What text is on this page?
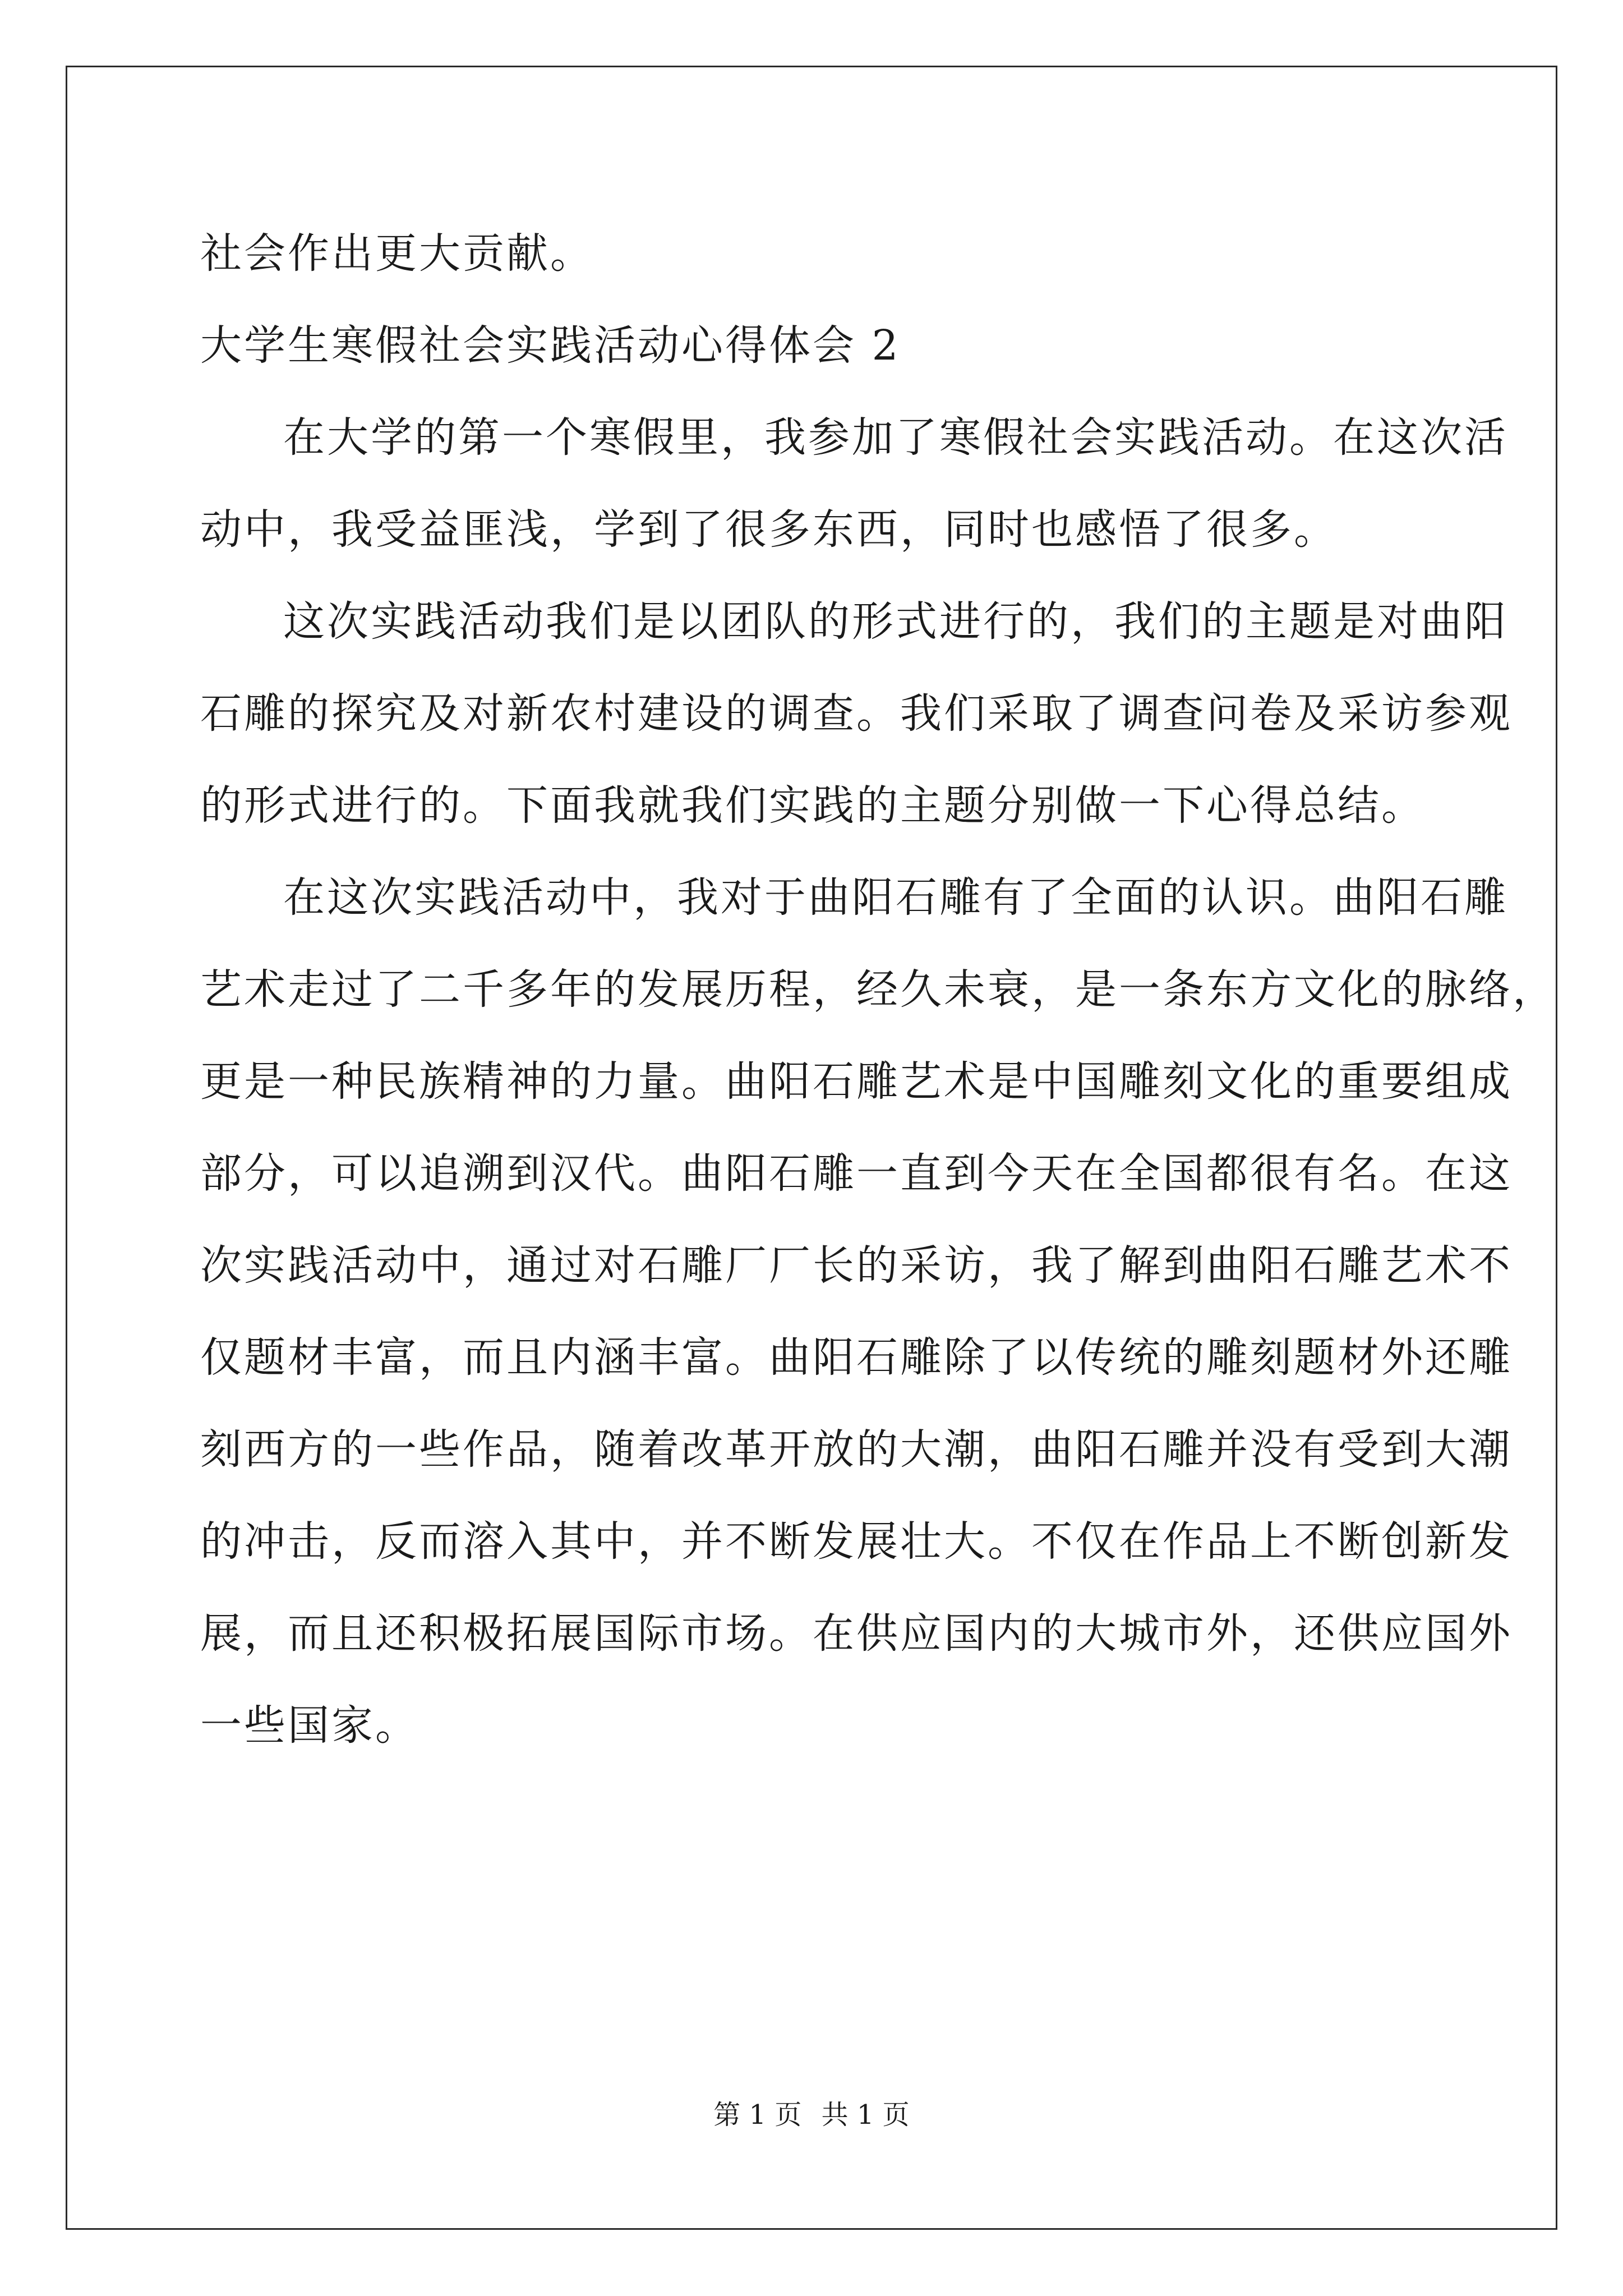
社会作出更大贡献。
大学生寒假社会实践活动心得体会 2
在大学的第一个寒假里，我参加了寒假社会实践活动。在这次活
动中，我受益匪浅，学到了很多东西，同时也感悟了很多。
这次实践活动我们是以团队的形式进行的，我们的主题是对曲阳
石雕的探究及对新农村建设的调查。我们采取了调查问卷及采访参观
的形式进行的。下面我就我们实践的主题分别做一下心得总结。
在这次实践活动中，我对于曲阳石雕有了全面的认识。曲阳石雕
艺术走过了二千多年的发展历程，经久未衰，是一条东方文化的脉络，
更是一种民族精神的力量。曲阳石雕艺术是中国雕刻文化的重要组成
部分，可以追溯到汉代。曲阳石雕一直到今天在全国都很有名。在这
次实践活动中，通过对石雕厂厂长的采访，我了解到曲阳石雕艺术不
仅题材丰富，而且内涵丰富。曲阳石雕除了以传统的雕刻题材外还雕
刻西方的一些作品，随着改革开放的大潮，曲阳石雕并没有受到大潮
的冲击，反而溶入其中，并不断发展壮大。不仅在作品上不断创新发
展，而且还积极拓展国际市场。在供应国内的大城市外，还供应国外
一些国家。
第 1 页 共 1 页
